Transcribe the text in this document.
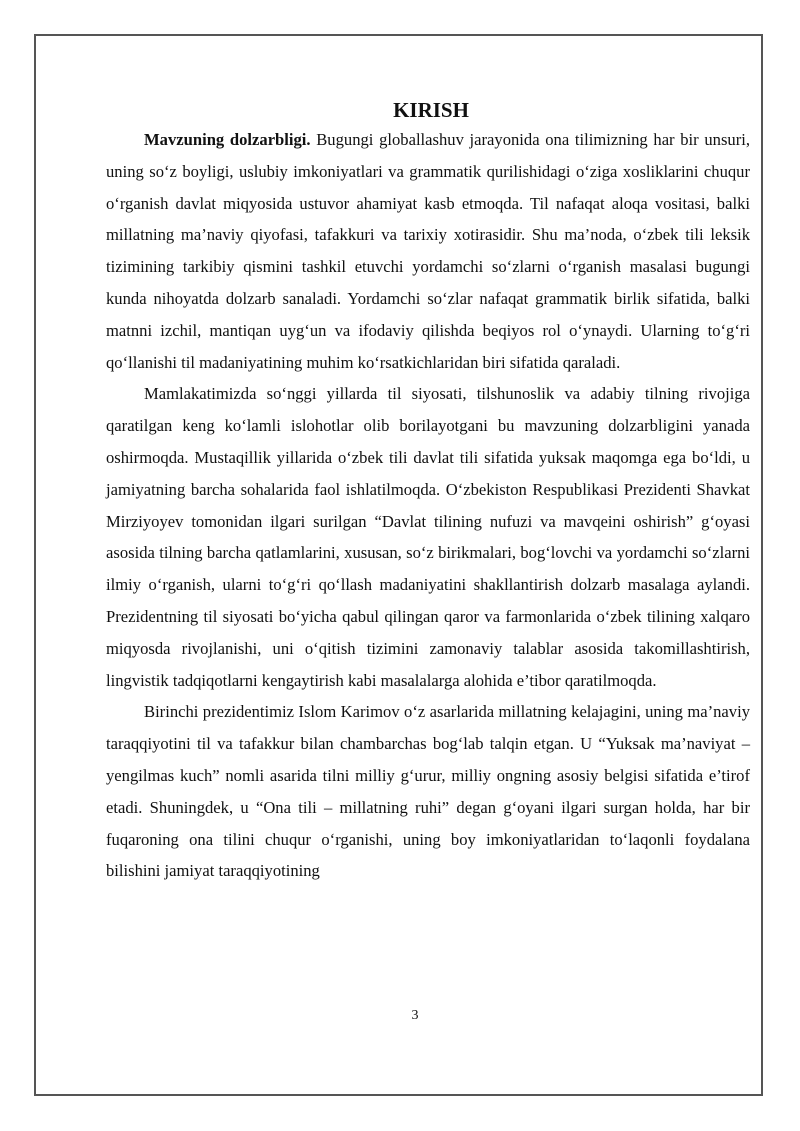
KIRISH

Mavzuning dolzarbligi. Bugungi globallashuv jarayonida ona tilimizning har bir unsuri, uning so‘z boyligi, uslubiy imkoniyatlari va grammatik qurilishidagi o‘ziga xosliklarini chuqur o‘rganish davlat miqyosida ustuvor ahamiyat kasb etmoqda. Til nafaqat aloqa vositasi, balki millatning ma’naviy qiyofasi, tafakkuri va tarixiy xotirasidir. Shu ma’noda, o‘zbek tili leksik tizimining tarkibiy qismini tashkil etuvchi yordamchi so‘zlarni o‘rganish masalasi bugungi kunda nihoyatda dolzarb sanaladi. Yordamchi so‘zlar nafaqat grammatik birlik sifatida, balki matnni izchil, mantiqan uyg‘un va ifodaviy qilishda beqiyos rol o‘ynaydi. Ularning to‘g‘ri qo‘llanishi til madaniyatining muhim ko‘rsatkichlaridan biri sifatida qaraladi.

Mamlakatimizda so‘nggi yillarda til siyosati, tilshunoslik va adabiy tilning rivojiga qaratilgan keng ko‘lamli islohotlar olib borilayotgani bu mavzuning dolzarbligini yanada oshirmoqda. Mustaqillik yillarida o‘zbek tili davlat tili sifatida yuksak maqomga ega bo‘ldi, u jamiyatning barcha sohalarida faol ishlatilmoqda. O‘zbekiston Respublikasi Prezidenti Shavkat Mirziyoyev tomonidan ilgari surilgan “Davlat tilining nufuzi va mavqeini oshirish” g‘oyasi asosida tilning barcha qatlamlarini, xususan, so‘z birikmalari, bog‘lovchi va yordamchi so‘zlarni ilmiy o‘rganish, ularni to‘g‘ri qo‘llash madaniyatini shakllantirish dolzarb masalaga aylandi. Prezidentning til siyosati bo‘yicha qabul qilingan qaror va farmonlarida o‘zbek tilining xalqaro miqyosda rivojlanishi, uni o‘qitish tizimini zamonaviy talablar asosida takomillashtirish, lingvistik tadqiqotlarni kengaytirish kabi masalalarga alohida e’tibor qaratilmoqda.

Birinchi prezidentimiz Islom Karimov o‘z asarlarida millatning kelajagini, uning ma’naviy taraqqiyotini til va tafakkur bilan chambarchas bog‘lab talqin etgan. U “Yuksak ma’naviyat – yengilmas kuch” nomli asarida tilni milliy g‘urur, milliy ongning asosiy belgisi sifatida e’tirof etadi. Shuningdek, u “Ona tili – millatning ruhi” degan g‘oyani ilgari surgan holda, har bir fuqaroning ona tilini chuqur o‘rganishi, uning boy imkoniyatlaridan to‘laqonli foydalana bilishini jamiyat taraqqiyotining

3
